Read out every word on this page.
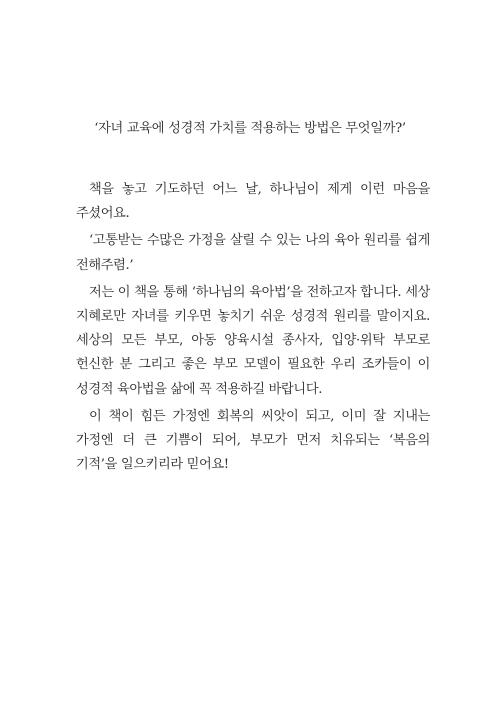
‘자녀 교육에 성경적 가치를 적용하는 방법은 무엇일까?’

책을 놓고 기도하던 어느 날, 하나님이 제게 이런 마음을 주셨어요.

‘고통받는 수많은 가정을 살릴 수 있는 나의 육아 원리를 쉽게 전해주렴.’

저는 이 책을 통해 ‘하나님의 육아법’을 전하고자 합니다. 세상 지혜로만 자녀를 키우면 놓치기 쉬운 성경적 원리를 말이지요. 세상의 모든 부모, 아동 양육시설 종사자, 입양·위탁 부모로 헌신한 분 그리고 좋은 부모 모델이 필요한 우리 조카들이 이 성경적 육아법을 삶에 꼭 적용하길 바랍니다.

이 책이 힘든 가정엔 회복의 씨앗이 되고, 이미 잘 지내는 가정엔 더 큰 기쁨이 되어, 부모가 먼저 치유되는 ‘복음의 기적’을 일으키리라 믿어요!
